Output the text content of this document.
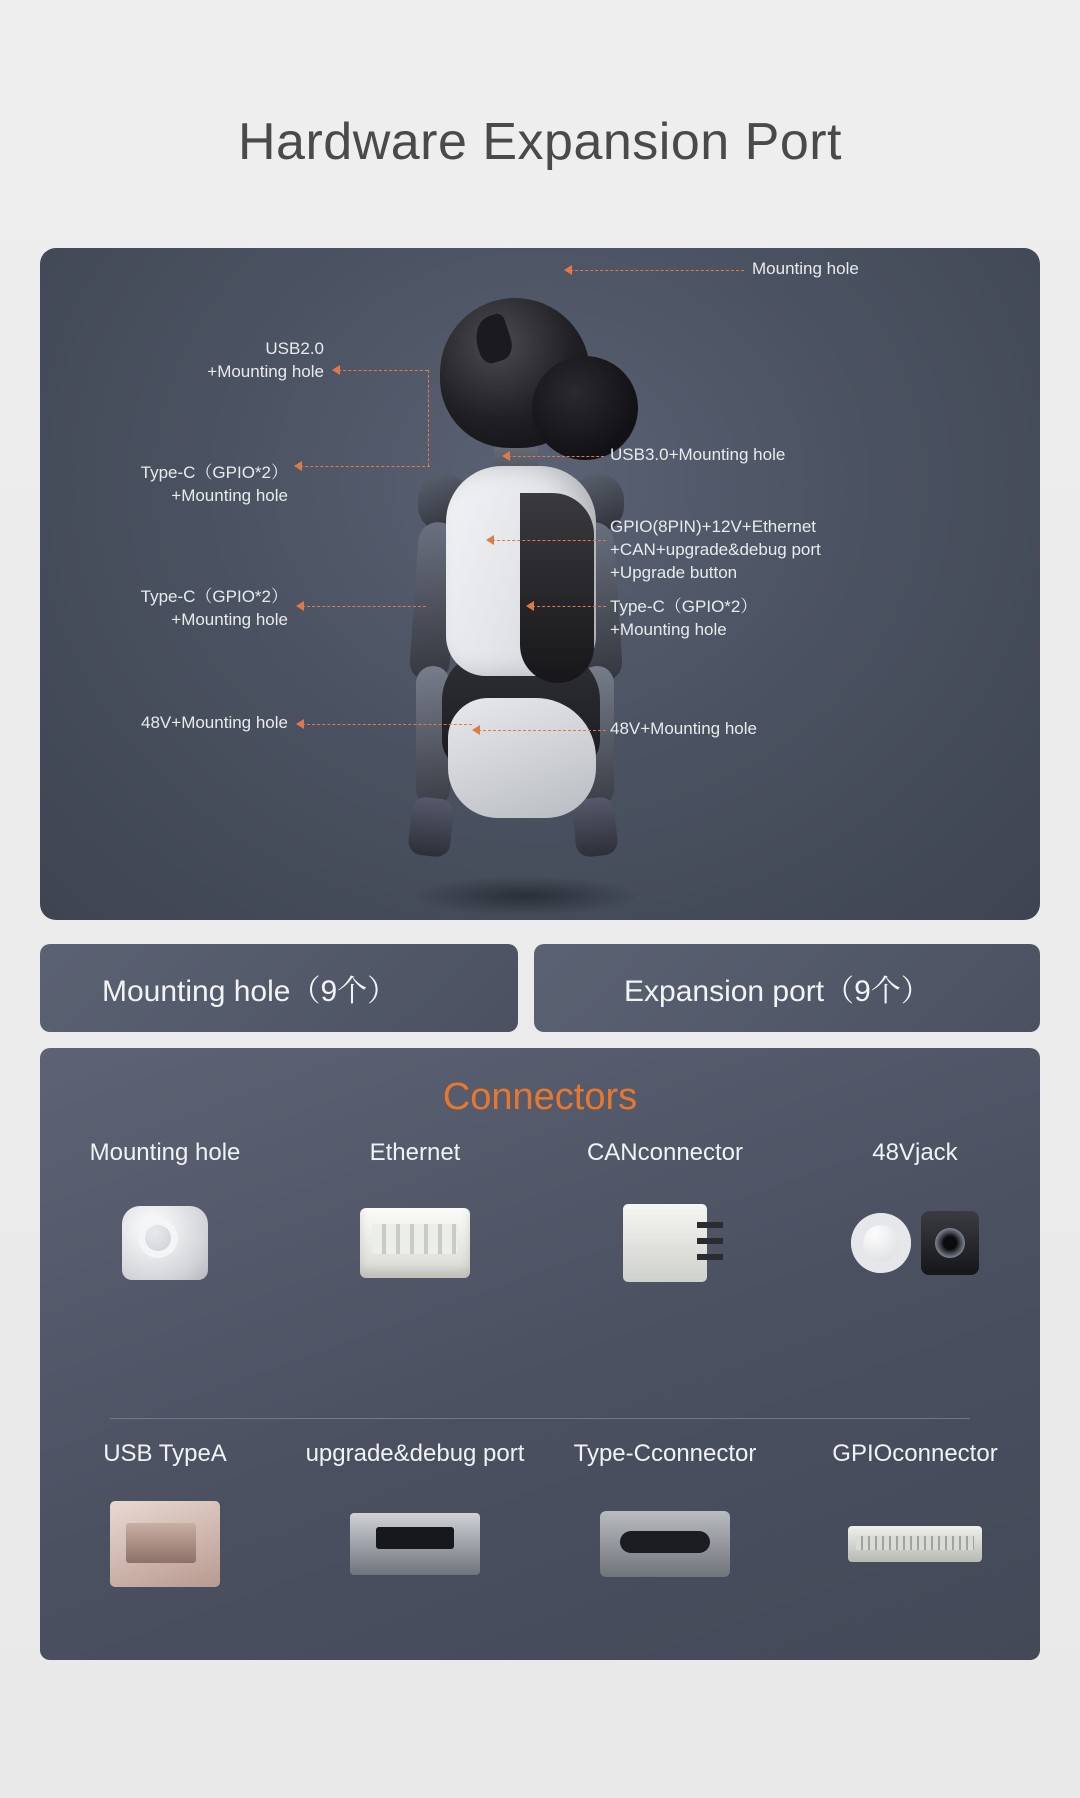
Hardware Expansion Port
Mounting hole
USB2.0
+Mounting hole
Type-C（GPIO*2）
+Mounting hole
Type-C（GPIO*2）
+Mounting hole
48V+Mounting hole
USB3.0+Mounting hole
GPIO(8PIN)+12V+Ethernet
+CAN+upgrade&debug port
+Upgrade button
Type-C（GPIO*2）
+Mounting hole
48V+Mounting hole
Mounting hole（9个）	Expansion port（9个）
Connectors
Mounting hole	Ethernet	CANconnector	48Vjack
USB TypeA	upgrade&debug port	Type-Cconnector	GPIOconnector
